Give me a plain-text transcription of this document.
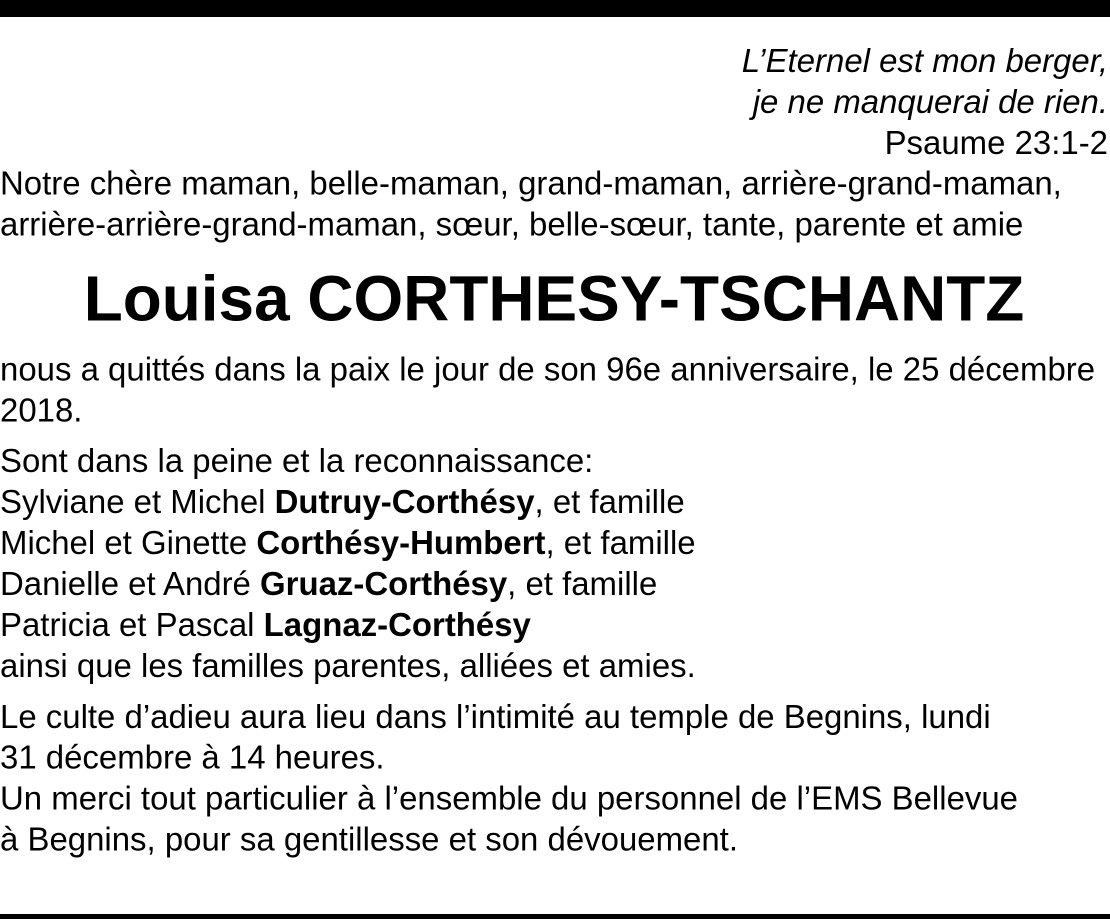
L’Eternel est mon berger,

je ne manquerai de rien.

Psaume 23:1-2

Notre chère maman, belle-maman, grand-maman, arrière-grand-maman,

arrière-arrière-grand-maman, sœur, belle-sœur, tante, parente et amie

Louisa CORTHESY-TSCHANTZ

nous a quittés dans la paix le jour de son 96e anniversaire, le 25 décembre

2018.

Sont dans la peine et la reconnaissance:

Sylviane et Michel Dutruy-Corthésy, et famille

Michel et Ginette Corthésy-Humbert, et famille

Danielle et André Gruaz-Corthésy, et famille

Patricia et Pascal Lagnaz-Corthésy

ainsi que les familles parentes, alliées et amies.

Le culte d’adieu aura lieu dans l’intimité au temple de Begnins, lundi

31 décembre à 14 heures.

Un merci tout particulier à l’ensemble du personnel de l’EMS Bellevue

à Begnins, pour sa gentillesse et son dévouement.
